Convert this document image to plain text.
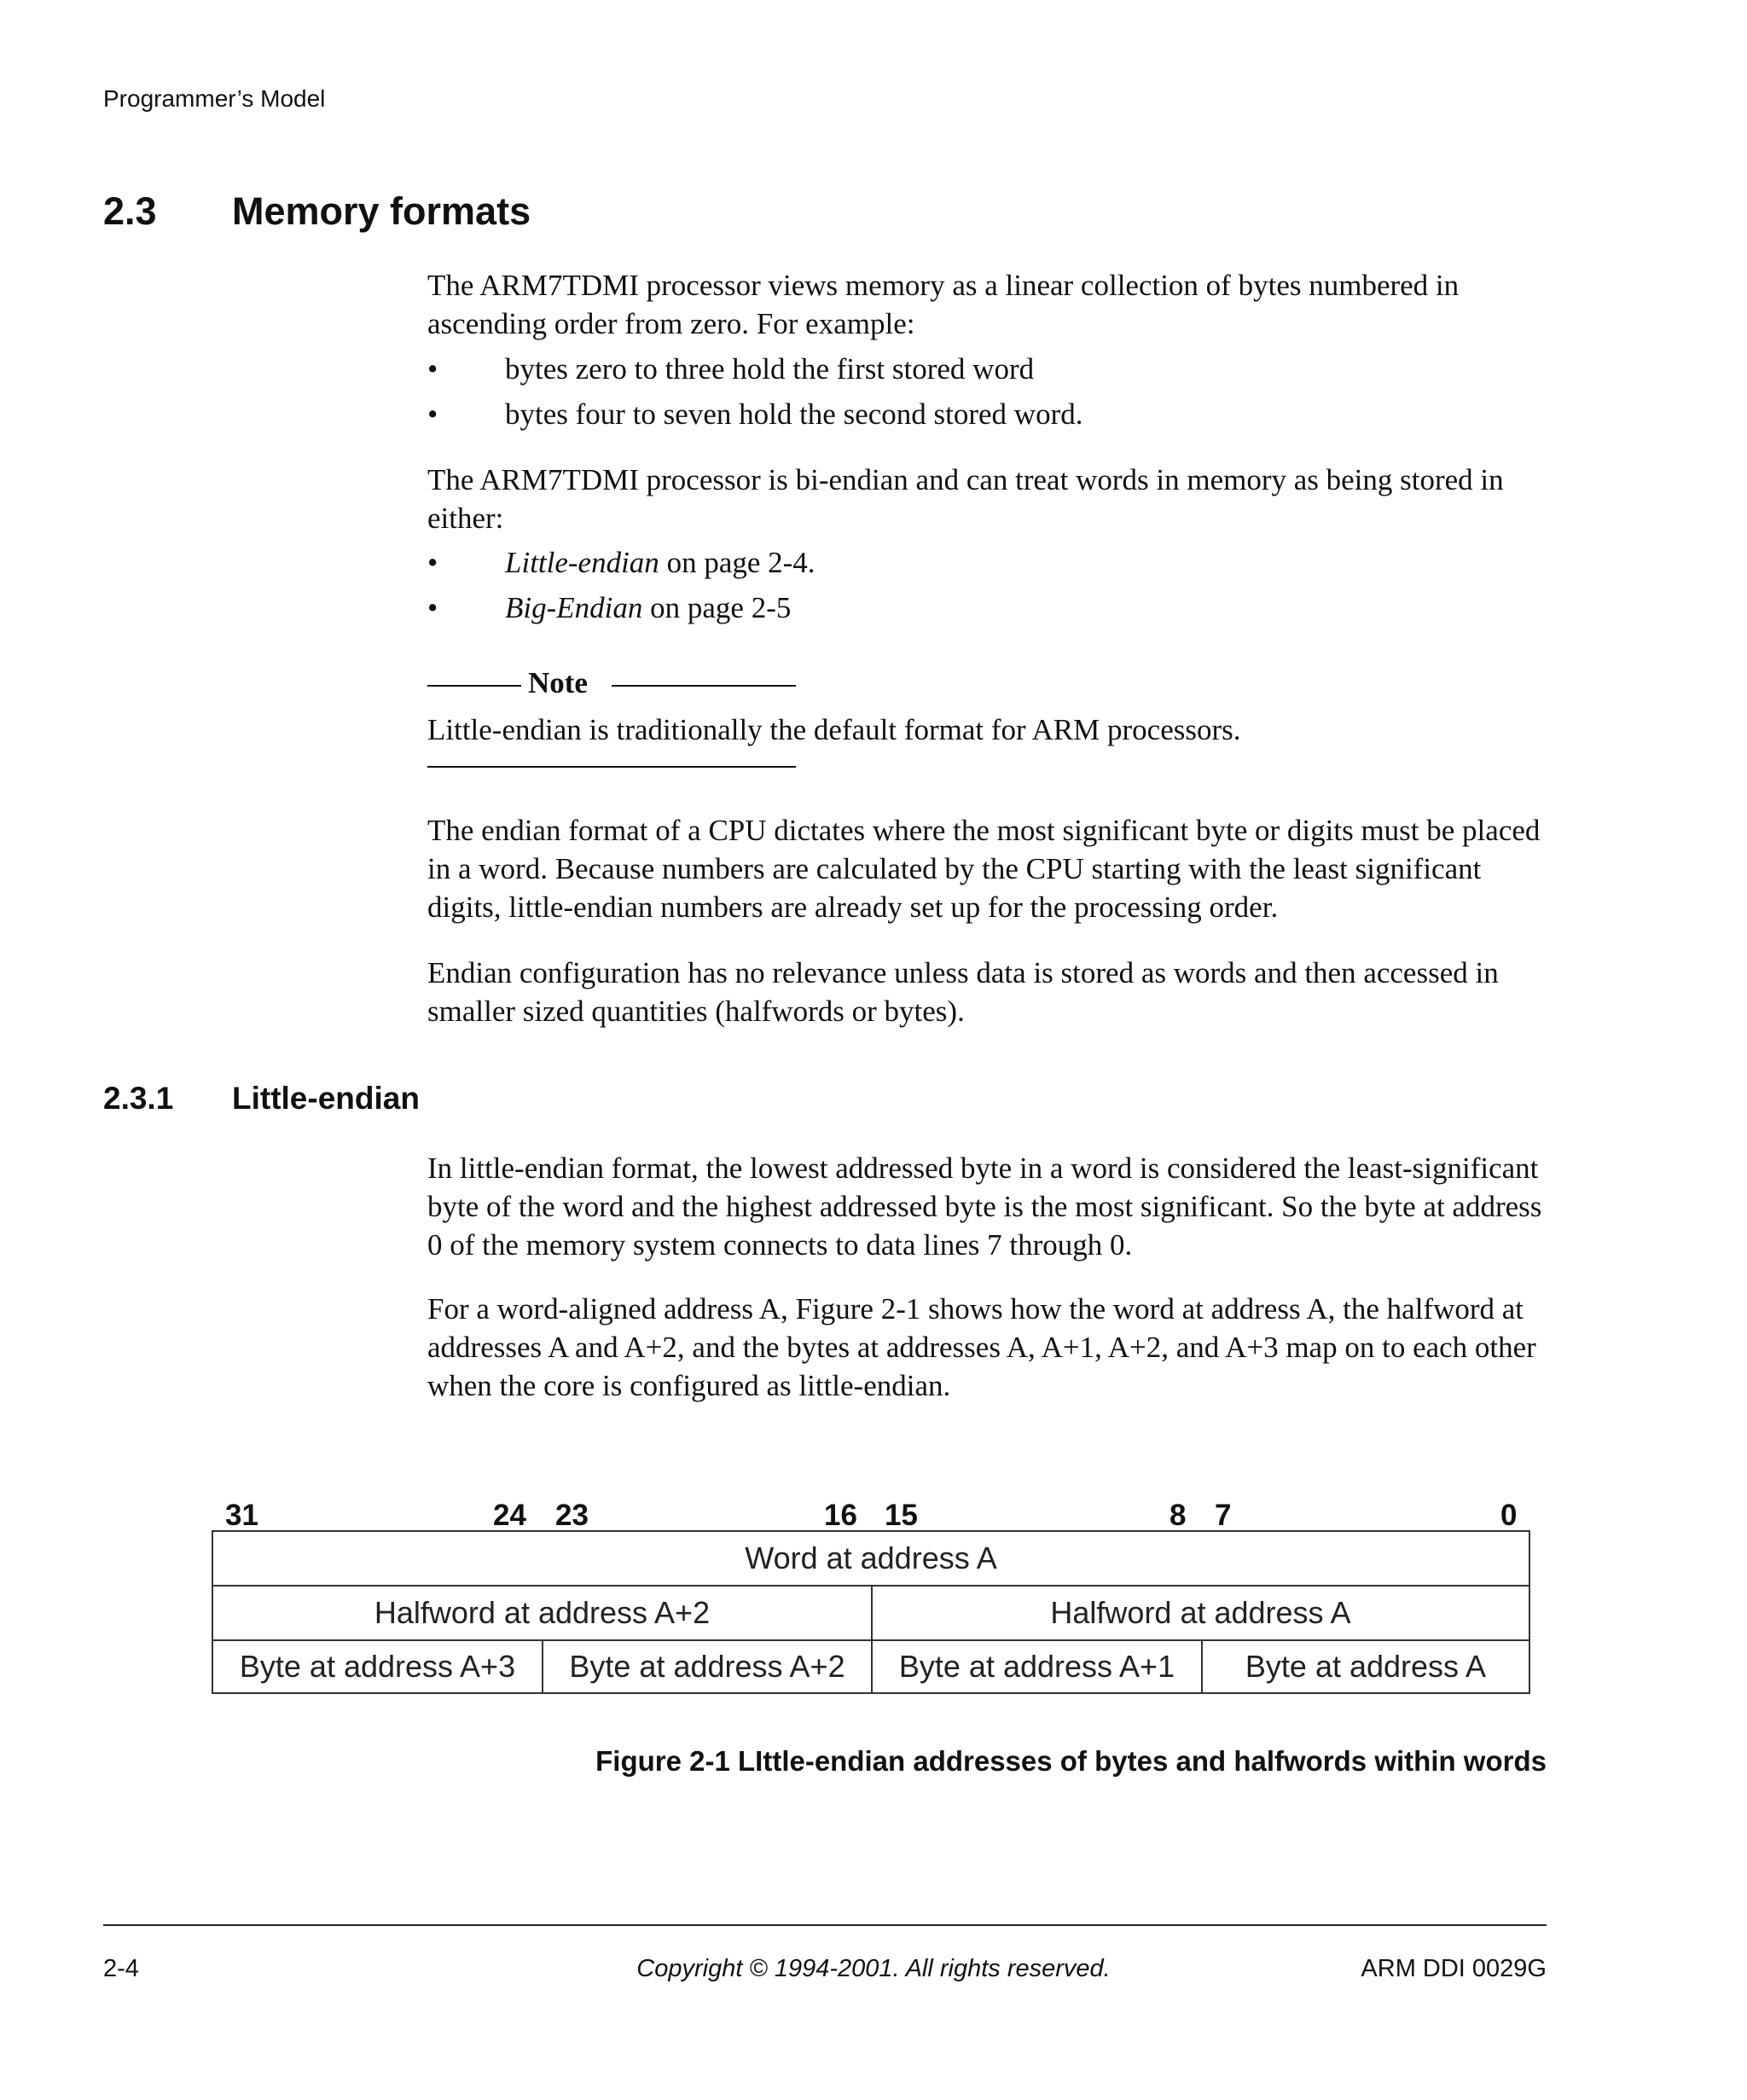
Programmer’s Model
2.3 Memory formats

The ARM7TDMI processor views memory as a linear collection of bytes numbered in ascending order from zero. For example:

• bytes zero to three hold the first stored word
• bytes four to seven hold the second stored word.

The ARM7TDMI processor is bi-endian and can treat words in memory as being stored in either:

• Little-endian on page 2-4.
• Big-Endian on page 2-5
Note
Little-endian is traditionally the default format for ARM processors.

The endian format of a CPU dictates where the most significant byte or digits must be placed in a word. Because numbers are calculated by the CPU starting with the least significant digits, little-endian numbers are already set up for the processing order.

Endian configuration has no relevance unless data is stored as words and then accessed in smaller sized quantities (halfwords or bytes).

2.3.1 Little-endian

In little-endian format, the lowest addressed byte in a word is considered the least-significant byte of the word and the highest addressed byte is the most significant. So the byte at address 0 of the memory system connects to data lines 7 through 0.

For a word-aligned address A, Figure 2-1 shows how the word at address A, the halfword at addresses A and A+2, and the bytes at addresses A, A+1, A+2, and A+3 map on to each other when the core is configured as little-endian.

31	24 23	16 15	8 7	0
Word at address A
Halfword at address A+2	Halfword at address A
Byte at address A+3	Byte at address A+2	Byte at address A+1	Byte at address A
Figure 2-1 LIttle-endian addresses of bytes and halfwords within words
2-4	Copyright © 1994-2001. All rights reserved.	ARM DDI 0029G
